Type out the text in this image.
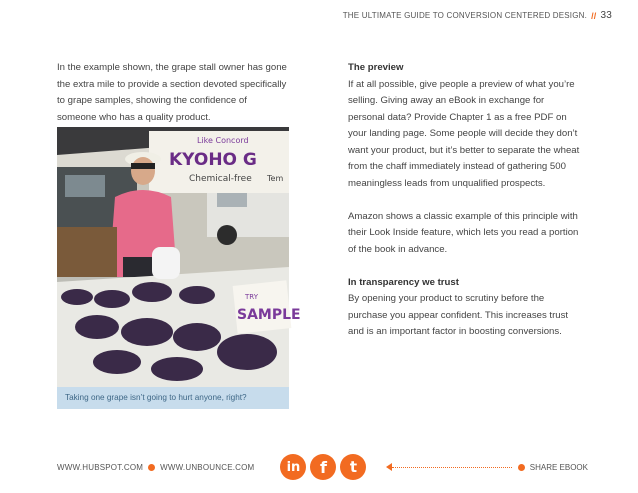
THE ULTIMATE GUIDE TO CONVERSION CENTERED DESIGN. // 33
In the example shown, the grape stall owner has gone the extra mile to provide a section devoted specifically to grape samples, showing the confidence of someone who has a quality product.
Like Concord
KYOHO G
Chemical-free Tem
TRY
SAMPLE
Taking one grape isn’t going to hurt anyone, right?
The preview

If at all possible, give people a preview of what you’re selling. Giving away an eBook in exchange for personal data? Provide Chapter 1 as a free PDF on your landing page. Some people will decide they don’t want your product, but it’s better to separate the wheat from the chaff immediately instead of gathering 500 meaningless leads from unqualified prospects.

Amazon shows a classic example of this principle with their Look Inside feature, which lets you read a portion of the book in advance.

In transparency we trust

By opening your product to scrutiny before the purchase you appear confident. This increases trust and is an important factor in boosting conversions.

WWW.HUBSPOT.COM WWW.UNBOUNCE.COM	in	f	t	SHARE EBOOK
